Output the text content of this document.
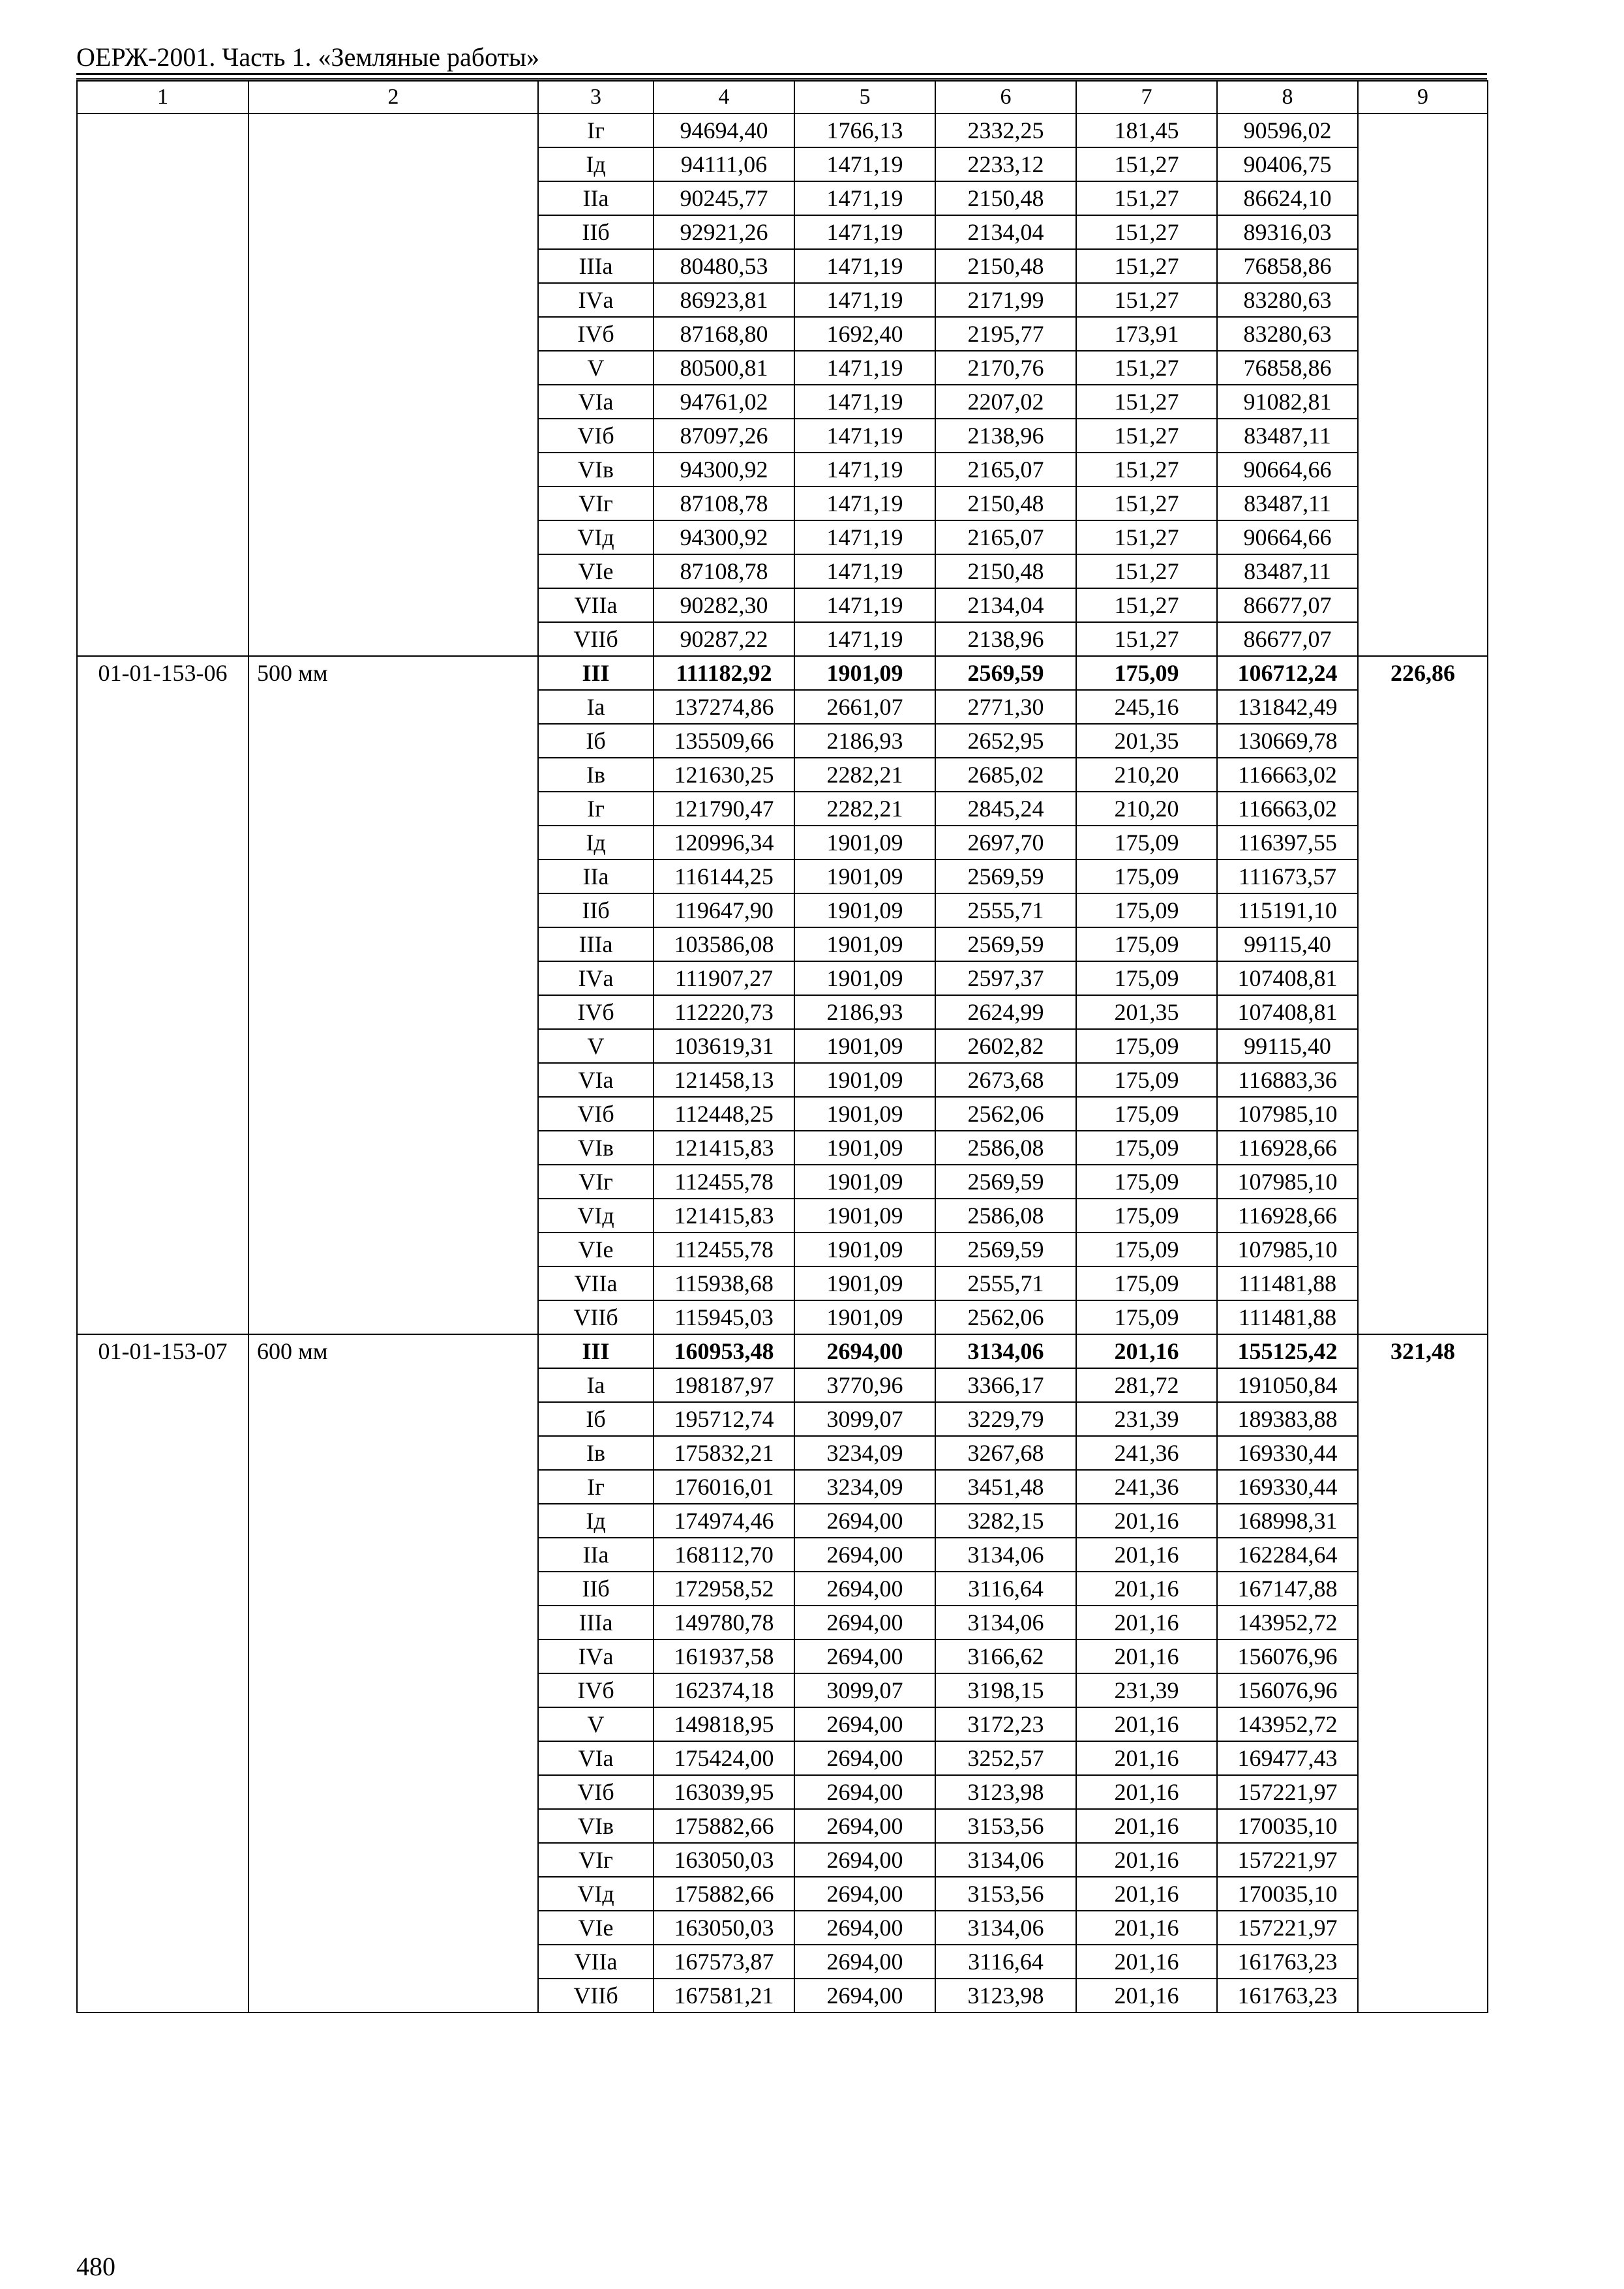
ОЕРЖ-2001. Часть 1. «Земляные работы»
1	2	3	4	5	6	7	8	9
		Iг	94694,40	1766,13	2332,25	181,45	90596,02	
		Iд	94111,06	1471,19	2233,12	151,27	90406,75	
		IIа	90245,77	1471,19	2150,48	151,27	86624,10	
		IIб	92921,26	1471,19	2134,04	151,27	89316,03	
		IIIа	80480,53	1471,19	2150,48	151,27	76858,86	
		IVа	86923,81	1471,19	2171,99	151,27	83280,63	
		IVб	87168,80	1692,40	2195,77	173,91	83280,63	
		V	80500,81	1471,19	2170,76	151,27	76858,86	
		VIа	94761,02	1471,19	2207,02	151,27	91082,81	
		VIб	87097,26	1471,19	2138,96	151,27	83487,11	
		VIв	94300,92	1471,19	2165,07	151,27	90664,66	
		VIг	87108,78	1471,19	2150,48	151,27	83487,11	
		VIд	94300,92	1471,19	2165,07	151,27	90664,66	
		VIе	87108,78	1471,19	2150,48	151,27	83487,11	
		VIIа	90282,30	1471,19	2134,04	151,27	86677,07	
		VIIб	90287,22	1471,19	2138,96	151,27	86677,07	
01-01-153-06	500 мм	III	111182,92	1901,09	2569,59	175,09	106712,24	226,86
		Iа	137274,86	2661,07	2771,30	245,16	131842,49	
		Iб	135509,66	2186,93	2652,95	201,35	130669,78	
		Iв	121630,25	2282,21	2685,02	210,20	116663,02	
		Iг	121790,47	2282,21	2845,24	210,20	116663,02	
		Iд	120996,34	1901,09	2697,70	175,09	116397,55	
		IIа	116144,25	1901,09	2569,59	175,09	111673,57	
		IIб	119647,90	1901,09	2555,71	175,09	115191,10	
		IIIа	103586,08	1901,09	2569,59	175,09	99115,40	
		IVа	111907,27	1901,09	2597,37	175,09	107408,81	
		IVб	112220,73	2186,93	2624,99	201,35	107408,81	
		V	103619,31	1901,09	2602,82	175,09	99115,40	
		VIа	121458,13	1901,09	2673,68	175,09	116883,36	
		VIб	112448,25	1901,09	2562,06	175,09	107985,10	
		VIв	121415,83	1901,09	2586,08	175,09	116928,66	
		VIг	112455,78	1901,09	2569,59	175,09	107985,10	
		VIд	121415,83	1901,09	2586,08	175,09	116928,66	
		VIе	112455,78	1901,09	2569,59	175,09	107985,10	
		VIIа	115938,68	1901,09	2555,71	175,09	111481,88	
		VIIб	115945,03	1901,09	2562,06	175,09	111481,88	
01-01-153-07	600 мм	III	160953,48	2694,00	3134,06	201,16	155125,42	321,48
		Iа	198187,97	3770,96	3366,17	281,72	191050,84	
		Iб	195712,74	3099,07	3229,79	231,39	189383,88	
		Iв	175832,21	3234,09	3267,68	241,36	169330,44	
		Iг	176016,01	3234,09	3451,48	241,36	169330,44	
		Iд	174974,46	2694,00	3282,15	201,16	168998,31	
		IIа	168112,70	2694,00	3134,06	201,16	162284,64	
		IIб	172958,52	2694,00	3116,64	201,16	167147,88	
		IIIа	149780,78	2694,00	3134,06	201,16	143952,72	
		IVа	161937,58	2694,00	3166,62	201,16	156076,96	
		IVб	162374,18	3099,07	3198,15	231,39	156076,96	
		V	149818,95	2694,00	3172,23	201,16	143952,72	
		VIа	175424,00	2694,00	3252,57	201,16	169477,43	
		VIб	163039,95	2694,00	3123,98	201,16	157221,97	
		VIв	175882,66	2694,00	3153,56	201,16	170035,10	
		VIг	163050,03	2694,00	3134,06	201,16	157221,97	
		VIд	175882,66	2694,00	3153,56	201,16	170035,10	
		VIе	163050,03	2694,00	3134,06	201,16	157221,97	
		VIIа	167573,87	2694,00	3116,64	201,16	161763,23	
		VIIб	167581,21	2694,00	3123,98	201,16	161763,23	
480
